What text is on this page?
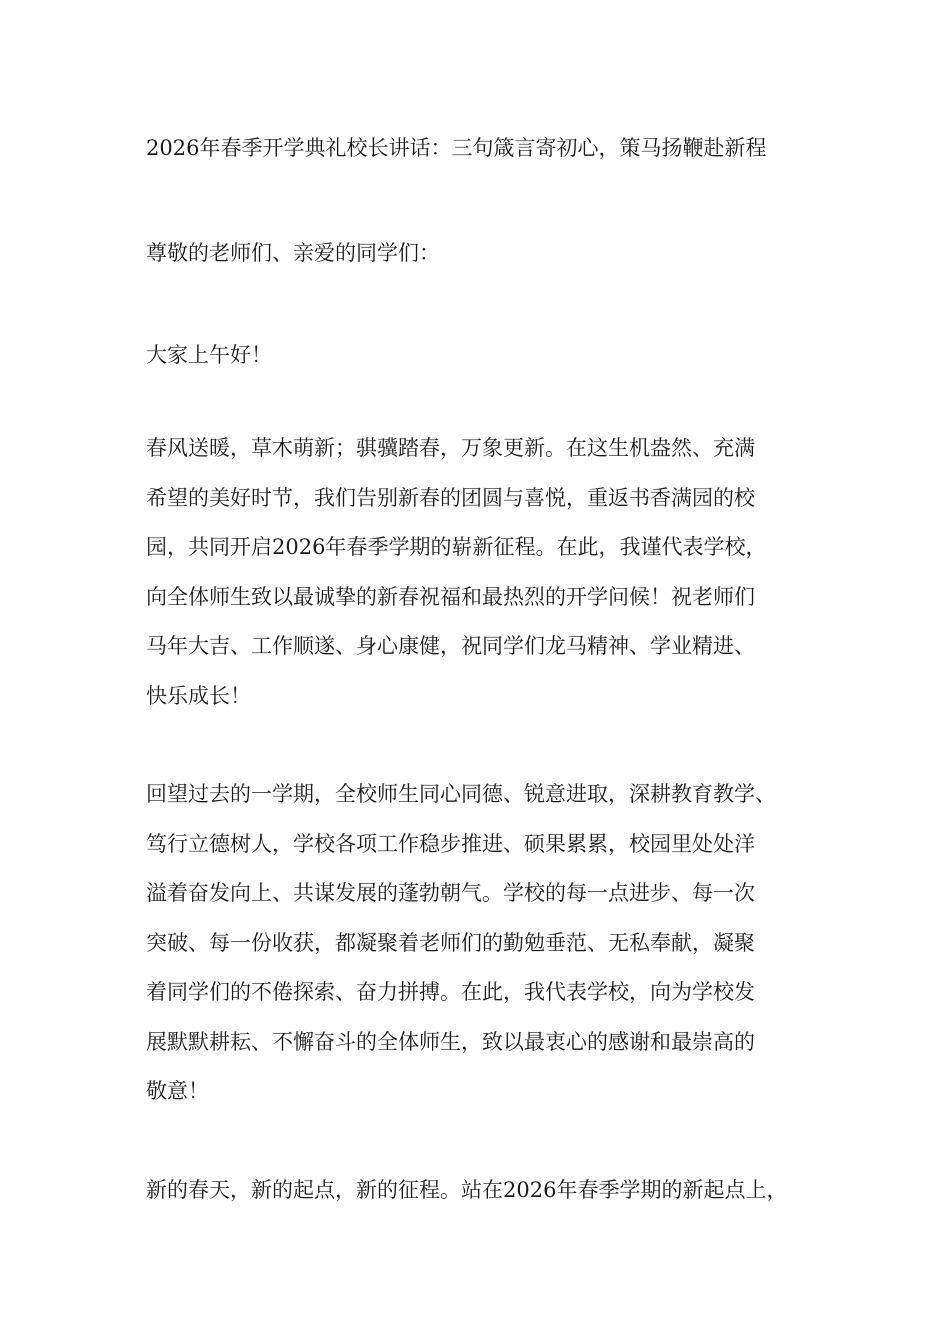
2026年春季开学典礼校长讲话：三句箴言寄初心，策马扬鞭赴新程
尊敬的老师们、亲爱的同学们：
大家上午好！
春风送暖，草木萌新；骐骥踏春，万象更新。在这生机盎然、充满
希望的美好时节，我们告别新春的团圆与喜悦，重返书香满园的校
园，共同开启2026年春季学期的崭新征程。在此，我谨代表学校，
向全体师生致以最诚挚的新春祝福和最热烈的开学问候！祝老师们
马年大吉、工作顺遂、身心康健，祝同学们龙马精神、学业精进、
快乐成长！
回望过去的一学期，全校师生同心同德、锐意进取，深耕教育教学、
笃行立德树人，学校各项工作稳步推进、硕果累累，校园里处处洋
溢着奋发向上、共谋发展的蓬勃朝气。学校的每一点进步、每一次
突破、每一份收获，都凝聚着老师们的勤勉垂范、无私奉献，凝聚
着同学们的不倦探索、奋力拼搏。在此，我代表学校，向为学校发
展默默耕耘、不懈奋斗的全体师生，致以最衷心的感谢和最崇高的
敬意！
新的春天，新的起点，新的征程。站在2026年春季学期的新起点上，
